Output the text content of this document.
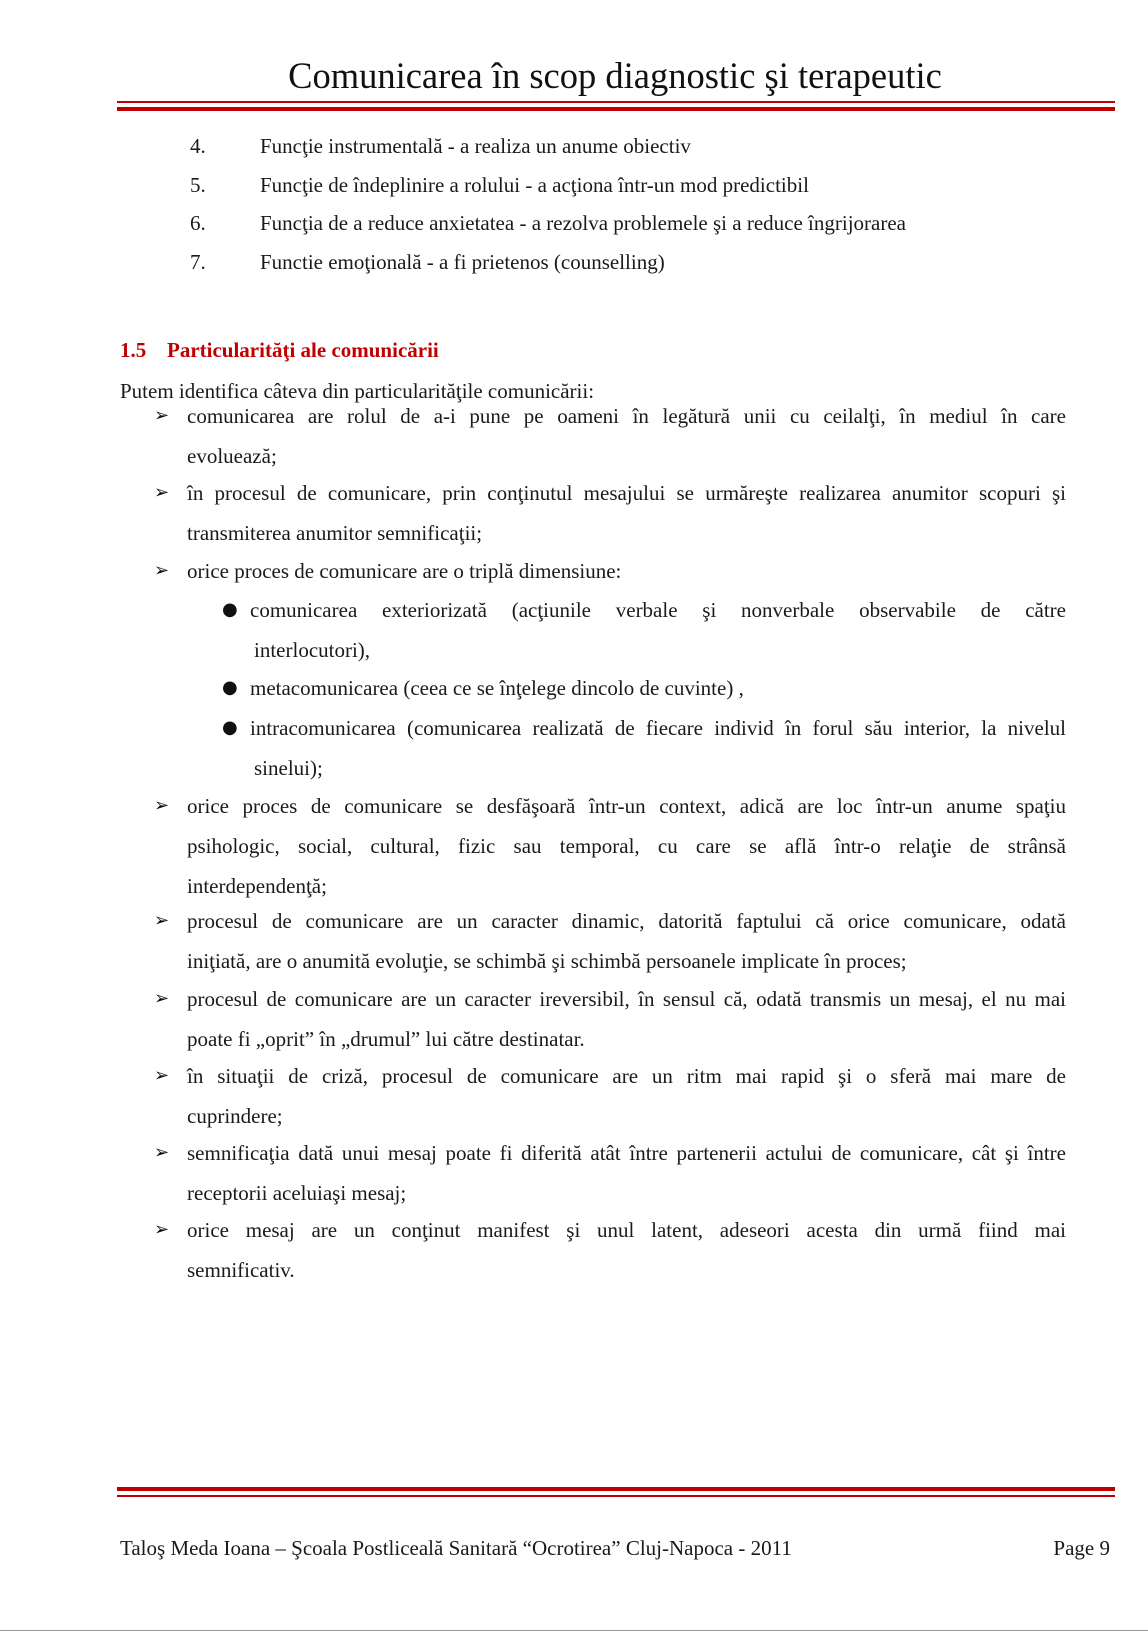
Comunicarea în scop diagnostic şi terapeutic
4.	Funcţie instrumentală - a realiza un anume obiectiv
5.	Funcţie de îndeplinire a rolului - a acţiona într-un mod predictibil
6.	Funcţia de a reduce anxietatea - a rezolva problemele şi a reduce îngrijorarea
7.	Functie emoţională - a fi prietenos (counselling)
1.5 Particularităţi ale comunicării
Putem identifica câteva din particularităţile comunicării:
➢ comunicarea are rolul de a-i pune pe oameni în legătură unii cu ceilalţi, în mediul în care
evoluează;
➢ în procesul de comunicare, prin conţinutul mesajului se urmăreşte realizarea anumitor scopuri şi
transmiterea anumitor semnificaţii;
➢ orice proces de comunicare are o triplă dimensiune:
● comunicarea exteriorizată (acţiunile verbale şi nonverbale observabile de către
interlocutori),
● metacomunicarea (ceea ce se înţelege dincolo de cuvinte) ,
● intracomunicarea (comunicarea realizată de fiecare individ în forul său interior, la nivelul
sinelui);
➢ orice proces de comunicare se desfăşoară într-un context, adică are loc într-un anume spaţiu
psihologic, social, cultural, fizic sau temporal, cu care se află într-o relaţie de strânsă
interdependenţă;
➢ procesul de comunicare are un caracter dinamic, datorită faptului că orice comunicare, odată
iniţiată, are o anumită evoluţie, se schimbă şi schimbă persoanele implicate în proces;
➢ procesul de comunicare are un caracter ireversibil, în sensul că, odată transmis un mesaj, el nu mai
poate fi „oprit” în „drumul” lui către destinatar.
➢ în situaţii de criză, procesul de comunicare are un ritm mai rapid şi o sferă mai mare de
cuprindere;
➢ semnificaţia dată unui mesaj poate fi diferită atât între partenerii actului de comunicare, cât şi între
receptorii aceluiaşi mesaj;
➢ orice mesaj are un conţinut manifest şi unul latent, adeseori acesta din urmă fiind mai
semnificativ.
Taloş Meda Ioana – Şcoala Postliceală Sanitară “Ocrotirea” Cluj-Napoca - 2011	Page 9
